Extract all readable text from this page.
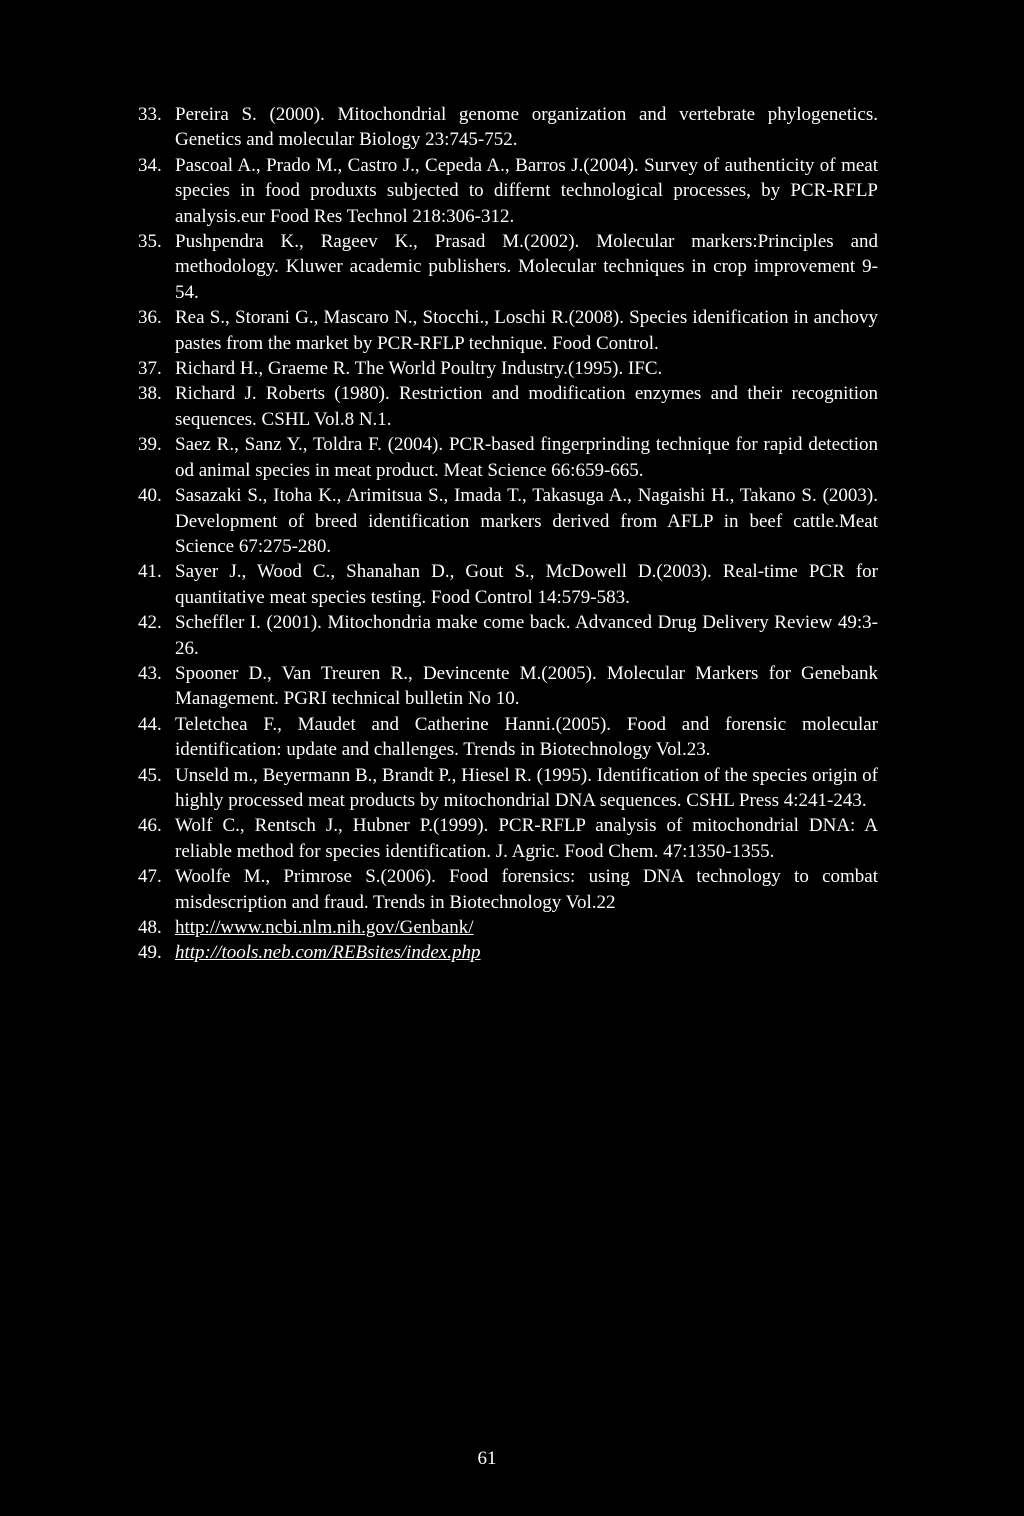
33. Pereira S. (2000). Mitochondrial genome organization and vertebrate phylogenetics. Genetics and molecular Biology 23:745-752.
34. Pascoal A., Prado M., Castro J., Cepeda A., Barros J.(2004). Survey of authenticity of meat species in food produxts subjected to differnt technological processes, by PCR-RFLP analysis.eur Food Res Technol 218:306-312.
35. Pushpendra K., Rageev K., Prasad M.(2002). Molecular markers:Principles and methodology. Kluwer academic publishers. Molecular techniques in crop improvement 9-54.
36. Rea S., Storani G., Mascaro N., Stocchi., Loschi R.(2008). Species idenification in anchovy pastes from the market by PCR-RFLP technique. Food Control.
37. Richard H., Graeme R. The World Poultry Industry.(1995). IFC.
38. Richard J. Roberts (1980). Restriction and modification enzymes and their recognition sequences. CSHL Vol.8 N.1.
39. Saez R., Sanz Y., Toldra F. (2004). PCR-based fingerprinding technique for rapid detection od animal species in meat product. Meat Science 66:659-665.
40. Sasazaki S., Itoha K., Arimitsua S., Imada T., Takasuga A., Nagaishi H., Takano S. (2003). Development of breed identification markers derived from AFLP in beef cattle.Meat Science 67:275-280.
41. Sayer J., Wood C., Shanahan D., Gout S., McDowell D.(2003). Real-time PCR for quantitative meat species testing. Food Control 14:579-583.
42. Scheffler I. (2001). Mitochondria make come back. Advanced Drug Delivery Review 49:3-26.
43. Spooner D., Van Treuren R., Devincente M.(2005). Molecular Markers for Genebank Management. PGRI technical bulletin No 10.
44. Teletchea F., Maudet and Catherine Hanni.(2005). Food and forensic molecular identification: update and challenges. Trends in Biotechnology Vol.23.
45. Unseld m., Beyermann B., Brandt P., Hiesel R. (1995). Identification of the species origin of highly processed meat products by mitochondrial DNA sequences. CSHL Press 4:241-243.
46. Wolf C., Rentsch J., Hubner P.(1999). PCR-RFLP analysis of mitochondrial DNA: A reliable method for species identification. J. Agric. Food Chem. 47:1350-1355.
47. Woolfe M., Primrose S.(2006). Food forensics: using DNA technology to combat misdescription and fraud. Trends in Biotechnology Vol.22
48. http://www.ncbi.nlm.nih.gov/Genbank/
49. http://tools.neb.com/REBsites/index.php
61
